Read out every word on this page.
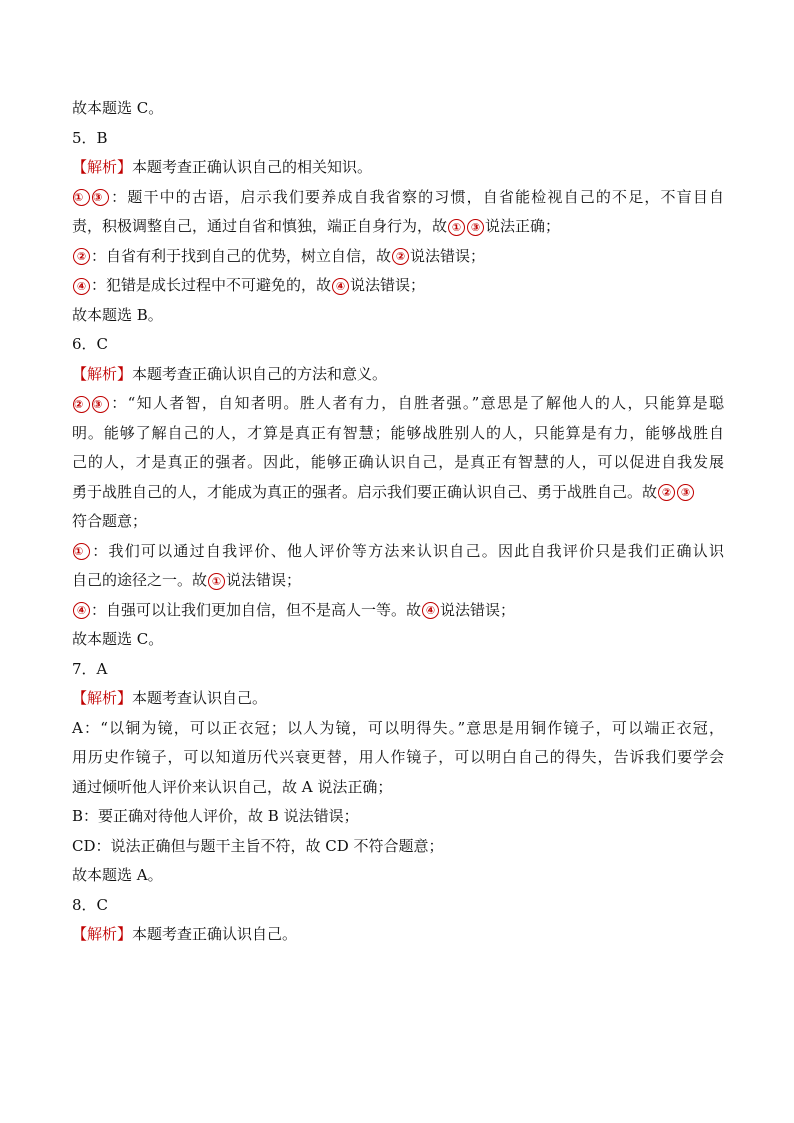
故本题选 C。
5．B
【解析】本题考查正确认识自己的相关知识。
① ③ ：题干中的古语，启示我们要养成自我省察的习惯，自省能检视自己的不足，不盲目自
责，积极调整自己，通过自省和慎独，端正自身行为，故 ① ③ 说法正确；
② ：自省有利于找到自己的优势，树立自信，故 ② 说法错误；
④ ：犯错是成长过程中不可避免的，故 ④ 说法错误；
故本题选 B。
6．C
【解析】本题考查正确认识自己的方法和意义。
② ③ ：“知人者智，自知者明。胜人者有力，自胜者强。”意思是了解他人的人，只能算是聪
明。能够了解自己的人，才算是真正有智慧；能够战胜别人的人，只能算是有力，能够战胜自
己的人，才是真正的强者。因此，能够正确认识自己，是真正有智慧的人，可以促进自我发展
勇于战胜自己的人，才能成为真正的强者。启示我们要正确认识自己、勇于战胜自己。故 ② ③
符合题意；
① ：我们可以通过自我评价、他人评价等方法来认识自己。因此自我评价只是我们正确认识
自己的途径之一。故 ① 说法错误；
④ ：自强可以让我们更加自信，但不是高人一等。故 ④ 说法错误；
故本题选 C。
7．A
【解析】本题考查认识自己。
A：“以铜为镜，可以正衣冠；以人为镜，可以明得失。”意思是用铜作镜子，可以端正衣冠，
用历史作镜子，可以知道历代兴衰更替，用人作镜子，可以明白自己的得失，告诉我们要学会
通过倾听他人评价来认识自己，故 A 说法正确；
B：要正确对待他人评价，故 B 说法错误；
CD：说法正确但与题干主旨不符，故 CD 不符合题意；
故本题选 A。
8．C
【解析】本题考查正确认识自己。
